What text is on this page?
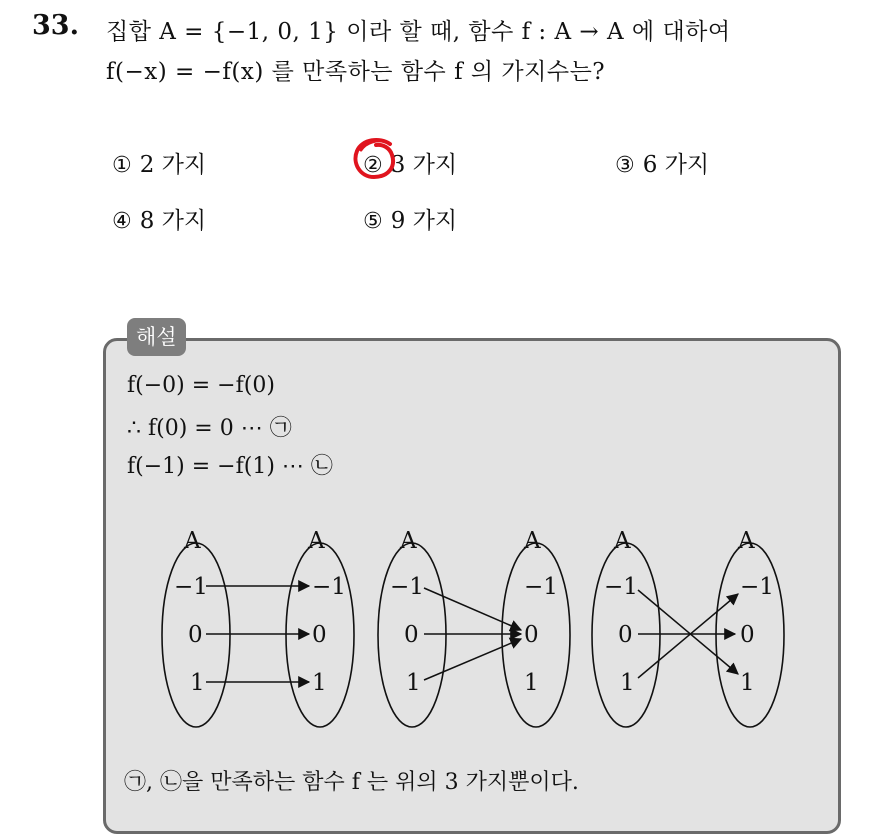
33. 집합 A = {−1, 0, 1} 이라 할 때, 함수 f : A → A 에 대하여
f(−x) = −f(x) 를 만족하는 함수 f 의 가지수는?
① 2 가지	② 3 가지	③ 6 가지
④ 8 가지	⑤ 9 가지
해설
f(−0) = −f(0)
∴ f(0) = 0 ⋯ ㉠
f(−1) = −f(1) ⋯ ㉡
A	A
−1
0
1
−1
0
1
A	A
−1
0
1
−1
0
1
A	A
−1
0
1
−1
0
1
㉠, ㉡을 만족하는 함수 f 는 위의 3 가지뿐이다.
